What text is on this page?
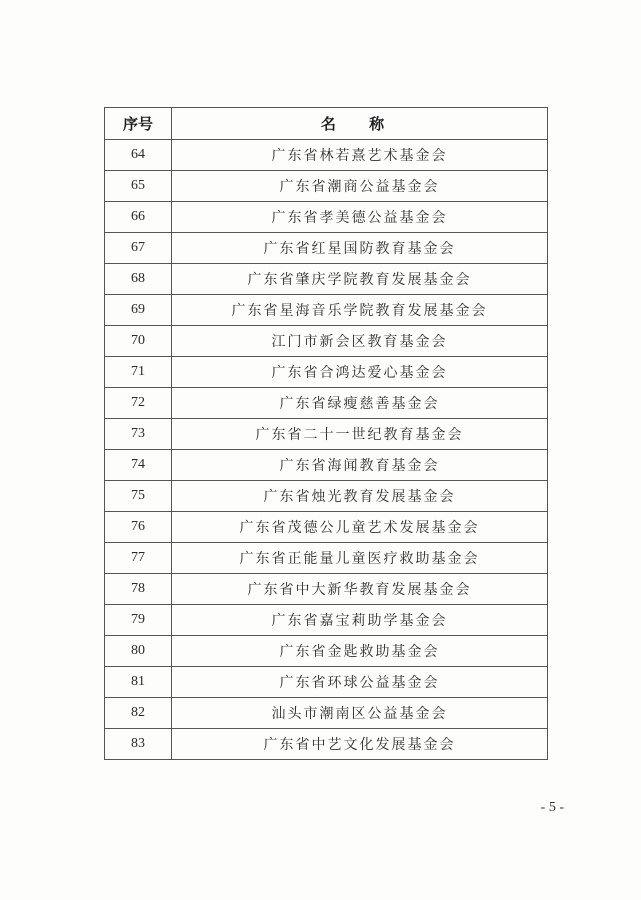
序号	名 称
64	广东省林若熹艺术基金会
65	广东省潮商公益基金会
66	广东省孝美德公益基金会
67	广东省红星国防教育基金会
68	广东省肇庆学院教育发展基金会
69	广东省星海音乐学院教育发展基金会
70	江门市新会区教育基金会
71	广东省合鸿达爱心基金会
72	广东省绿瘦慈善基金会
73	广东省二十一世纪教育基金会
74	广东省海闻教育基金会
75	广东省烛光教育发展基金会
76	广东省茂德公儿童艺术发展基金会
77	广东省正能量儿童医疗救助基金会
78	广东省中大新华教育发展基金会
79	广东省嘉宝莉助学基金会
80	广东省金匙救助基金会
81	广东省环球公益基金会
82	汕头市潮南区公益基金会
83	广东省中艺文化发展基金会
- 5 -
